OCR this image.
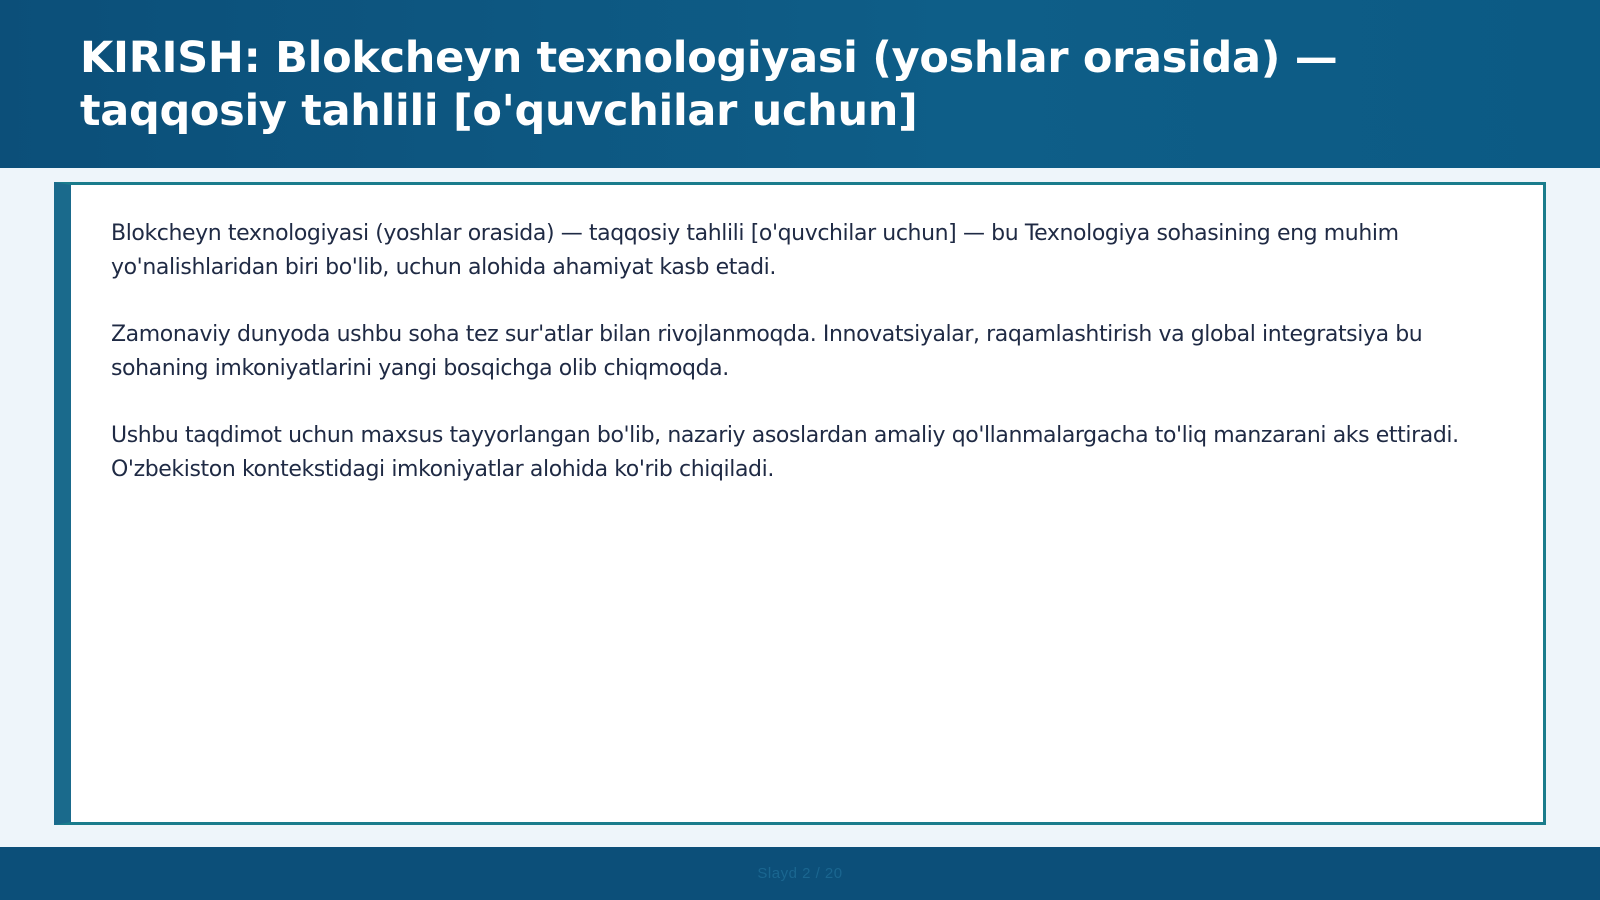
KIRISH: Blokcheyn texnologiyasi (yoshlar orasida) — taqqosiy tahlili [o'quvchilar uchun]

Blokcheyn texnologiyasi (yoshlar orasida) — taqqosiy tahlili [o'quvchilar uchun] — bu Texnologiya sohasining eng muhim yo'nalishlaridan biri bo'lib, uchun alohida ahamiyat kasb etadi.

Zamonaviy dunyoda ushbu soha tez sur'atlar bilan rivojlanmoqda. Innovatsiyalar, raqamlashtirish va global integratsiya bu sohaning imkoniyatlarini yangi bosqichga olib chiqmoqda.

Ushbu taqdimot uchun maxsus tayyorlangan bo'lib, nazariy asoslardan amaliy qo'llanmalargacha to'liq manzarani aks ettiradi. O'zbekiston kontekstidagi imkoniyatlar alohida ko'rib chiqiladi.

Slayd 2 / 20
